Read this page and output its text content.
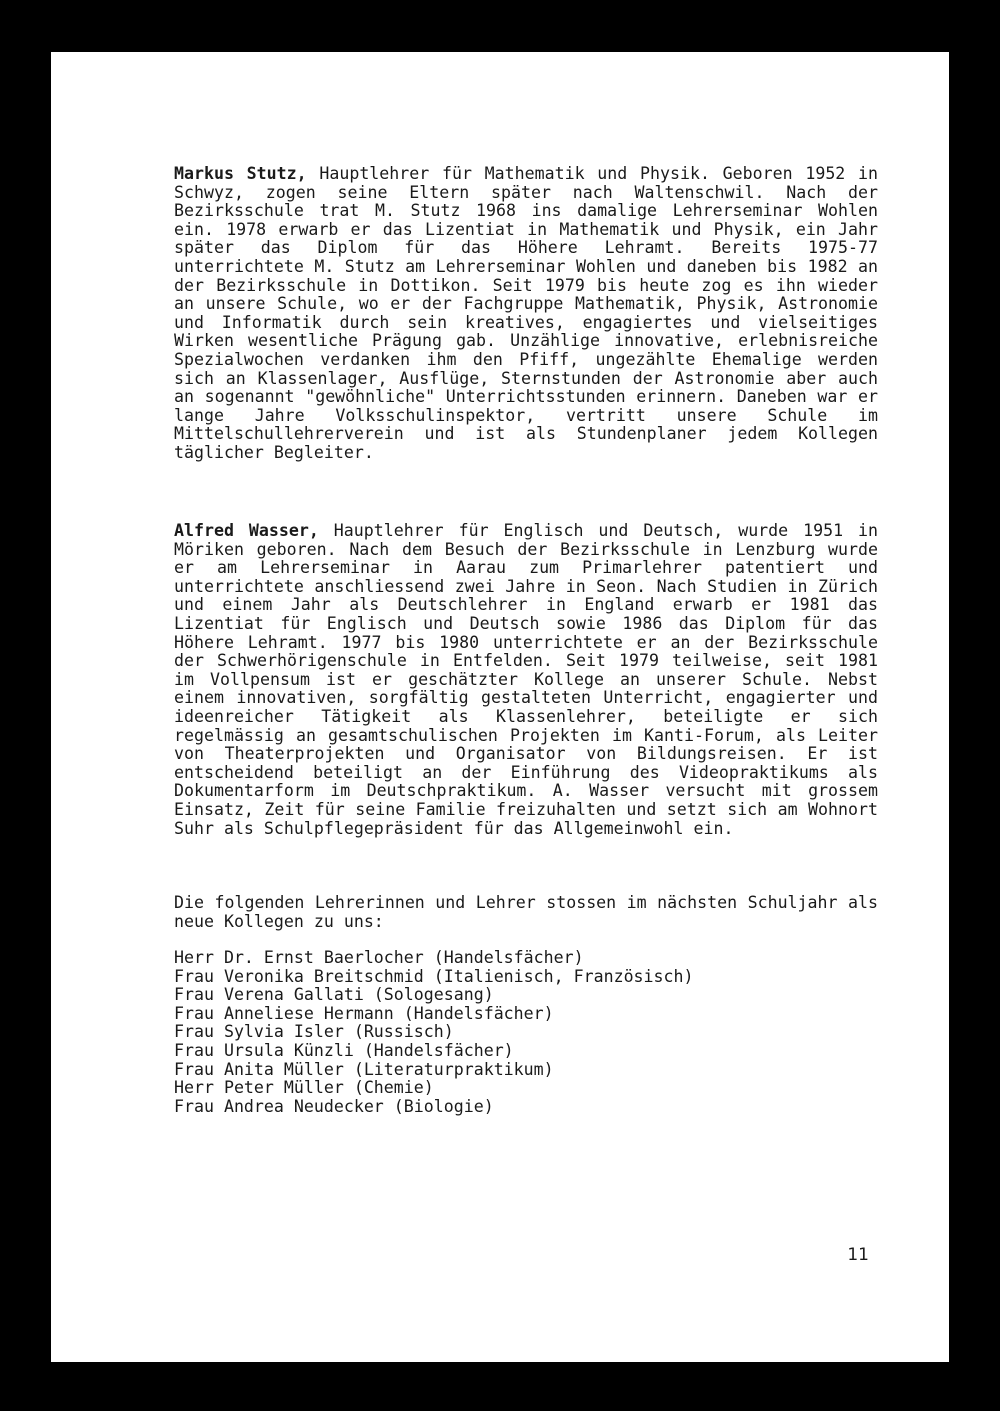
Markus Stutz, Hauptlehrer für Mathematik und Physik. Geboren 1952 in Schwyz, zogen seine Eltern später nach Waltenschwil. Nach der Bezirksschule trat M. Stutz 1968 ins damalige Lehrerseminar Wohlen ein. 1978 erwarb er das Lizentiat in Mathematik und Physik, ein Jahr später das Diplom für das Höhere Lehramt. Bereits 1975-77 unterrichtete M. Stutz am Lehrerseminar Wohlen und daneben bis 1982 an der Bezirksschule in Dottikon. Seit 1979 bis heute zog es ihn wieder an unsere Schule, wo er der Fachgruppe Mathematik, Physik, Astronomie und Informatik durch sein kreatives, engagiertes und vielseitiges Wirken wesentliche Prägung gab. Unzählige innovative, erlebnisreiche Spezialwochen verdanken ihm den Pfiff, ungezählte Ehemalige werden sich an Klassenlager, Ausflüge, Sternstunden der Astronomie aber auch an sogenannt "gewöhnliche" Unterrichtsstunden erinnern. Daneben war er lange Jahre Volksschulinspektor, vertritt unsere Schule im Mittelschullehrerverein und ist als Stundenplaner jedem Kollegen täglicher Begleiter.

Alfred Wasser, Hauptlehrer für Englisch und Deutsch, wurde 1951 in Möriken geboren. Nach dem Besuch der Bezirksschule in Lenzburg wurde er am Lehrerseminar in Aarau zum Primarlehrer patentiert und unterrichtete anschliessend zwei Jahre in Seon. Nach Studien in Zürich und einem Jahr als Deutschlehrer in England erwarb er 1981 das Lizentiat für Englisch und Deutsch sowie 1986 das Diplom für das Höhere Lehramt. 1977 bis 1980 unterrichtete er an der Bezirksschule der Schwerhörigenschule in Entfelden. Seit 1979 teilweise, seit 1981 im Vollpensum ist er geschätzter Kollege an unserer Schule. Nebst einem innovativen, sorgfältig gestalteten Unterricht, engagierter und ideenreicher Tätigkeit als Klassenlehrer, beteiligte er sich regelmässig an gesamtschulischen Projekten im Kanti-Forum, als Leiter von Theaterprojekten und Organisator von Bildungsreisen. Er ist entscheidend beteiligt an der Einführung des Videopraktikums als Dokumentarform im Deutschpraktikum. A. Wasser versucht mit grossem Einsatz, Zeit für seine Familie freizuhalten und setzt sich am Wohnort Suhr als Schulpflegepräsident für das Allgemeinwohl ein.

Die folgenden Lehrerinnen und Lehrer stossen im nächsten Schuljahr als neue Kollegen zu uns:

Herr Dr. Ernst Baerlocher (Handelsfächer)
Frau Veronika Breitschmid (Italienisch, Französisch)
Frau Verena Gallati (Sologesang)
Frau Anneliese Hermann (Handelsfächer)
Frau Sylvia Isler (Russisch)
Frau Ursula Künzli (Handelsfächer)
Frau Anita Müller (Literaturpraktikum)
Herr Peter Müller (Chemie)
Frau Andrea Neudecker (Biologie)
11
